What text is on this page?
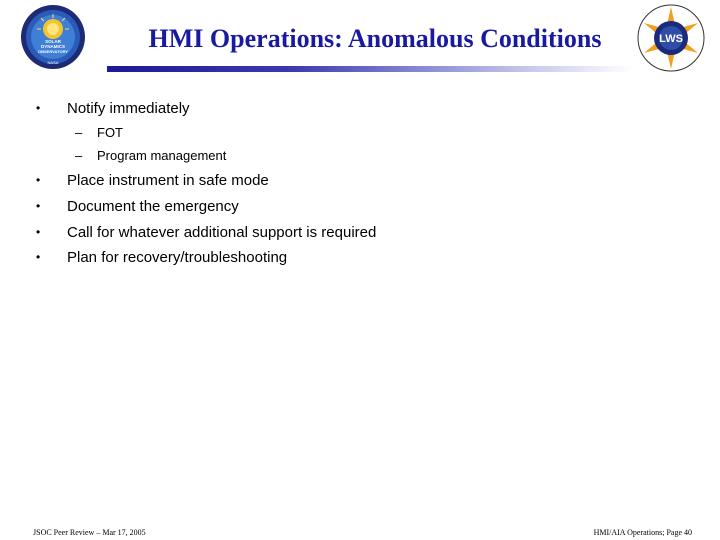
SOLAR
DYNAMICS
OBSERVATORY
NASA
LWS
HMI Operations: Anomalous Conditions
• Notify immediately
– FOT
– Program management
• Place instrument in safe mode
• Document the emergency
• Call for whatever additional support is required
• Plan for recovery/troubleshooting
JSOC Peer Review – Mar 17, 2005	HMI/AIA Operations; Page 40
